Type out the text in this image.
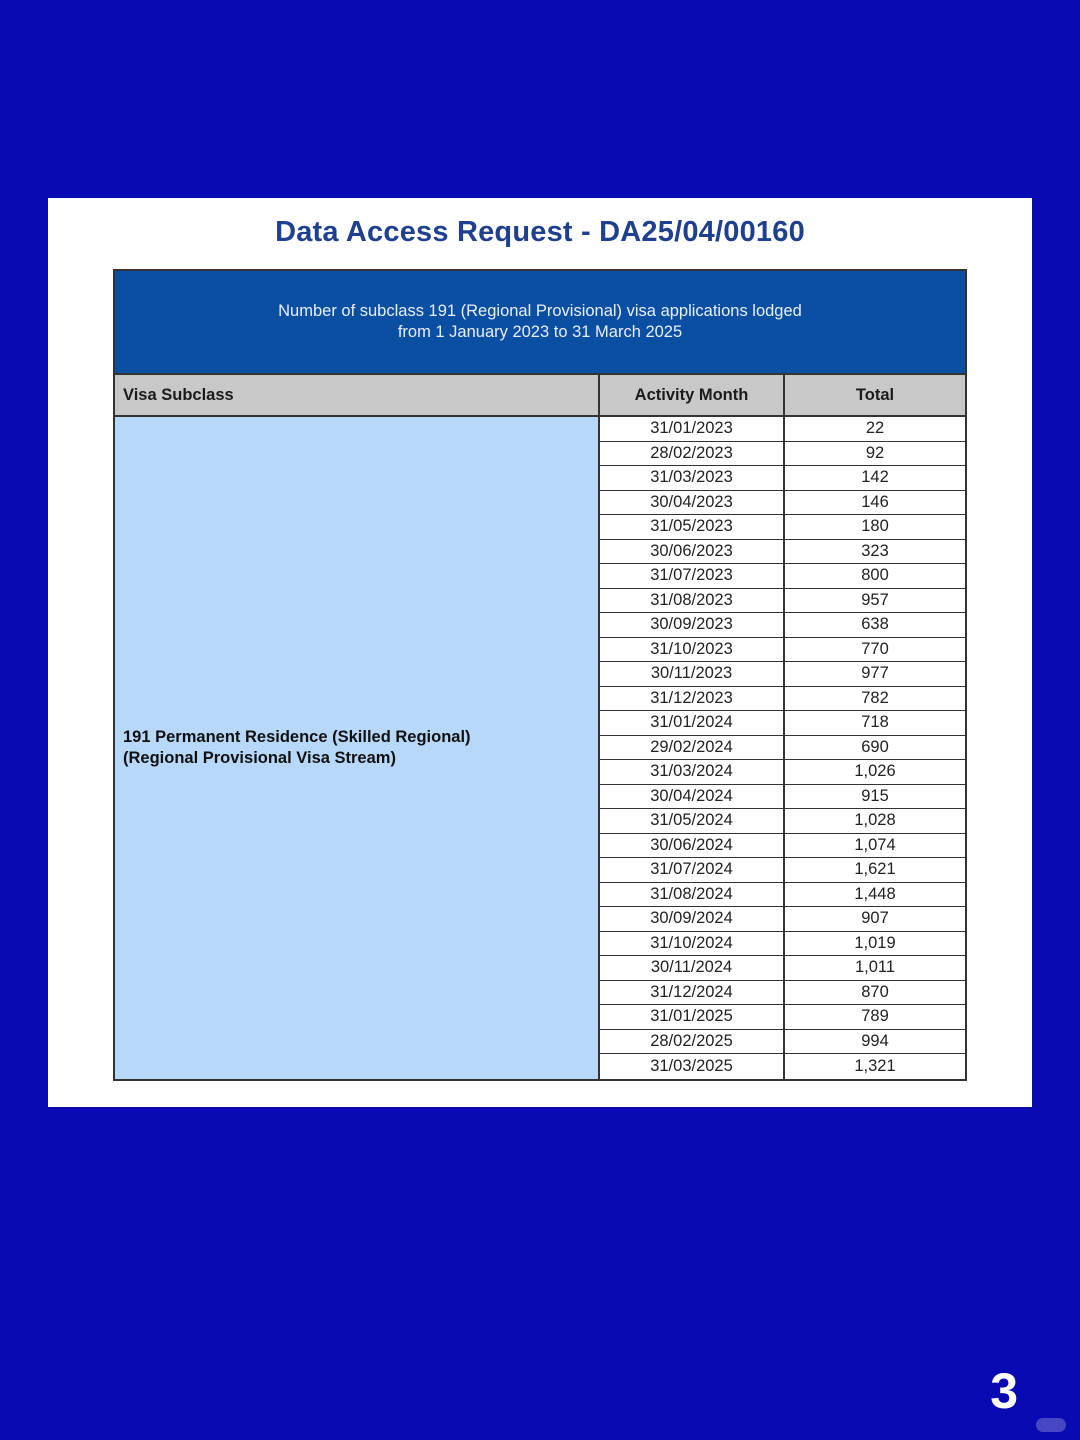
Data Access Request - DA25/04/00160
Number of subclass 191 (Regional Provisional) visa applications lodged
from 1 January 2023 to 31 March 2025
Visa Subclass	Activity Month	Total
191 Permanent Residence (Skilled Regional)
(Regional Provisional Visa Stream)
31/01/2023	22
28/02/2023	92
31/03/2023	142
30/04/2023	146
31/05/2023	180
30/06/2023	323
31/07/2023	800
31/08/2023	957
30/09/2023	638
31/10/2023	770
30/11/2023	977
31/12/2023	782
31/01/2024	718
29/02/2024	690
31/03/2024	1,026
30/04/2024	915
31/05/2024	1,028
30/06/2024	1,074
31/07/2024	1,621
31/08/2024	1,448
30/09/2024	907
31/10/2024	1,019
30/11/2024	1,011
31/12/2024	870
31/01/2025	789
28/02/2025	994
31/03/2025	1,321
3
